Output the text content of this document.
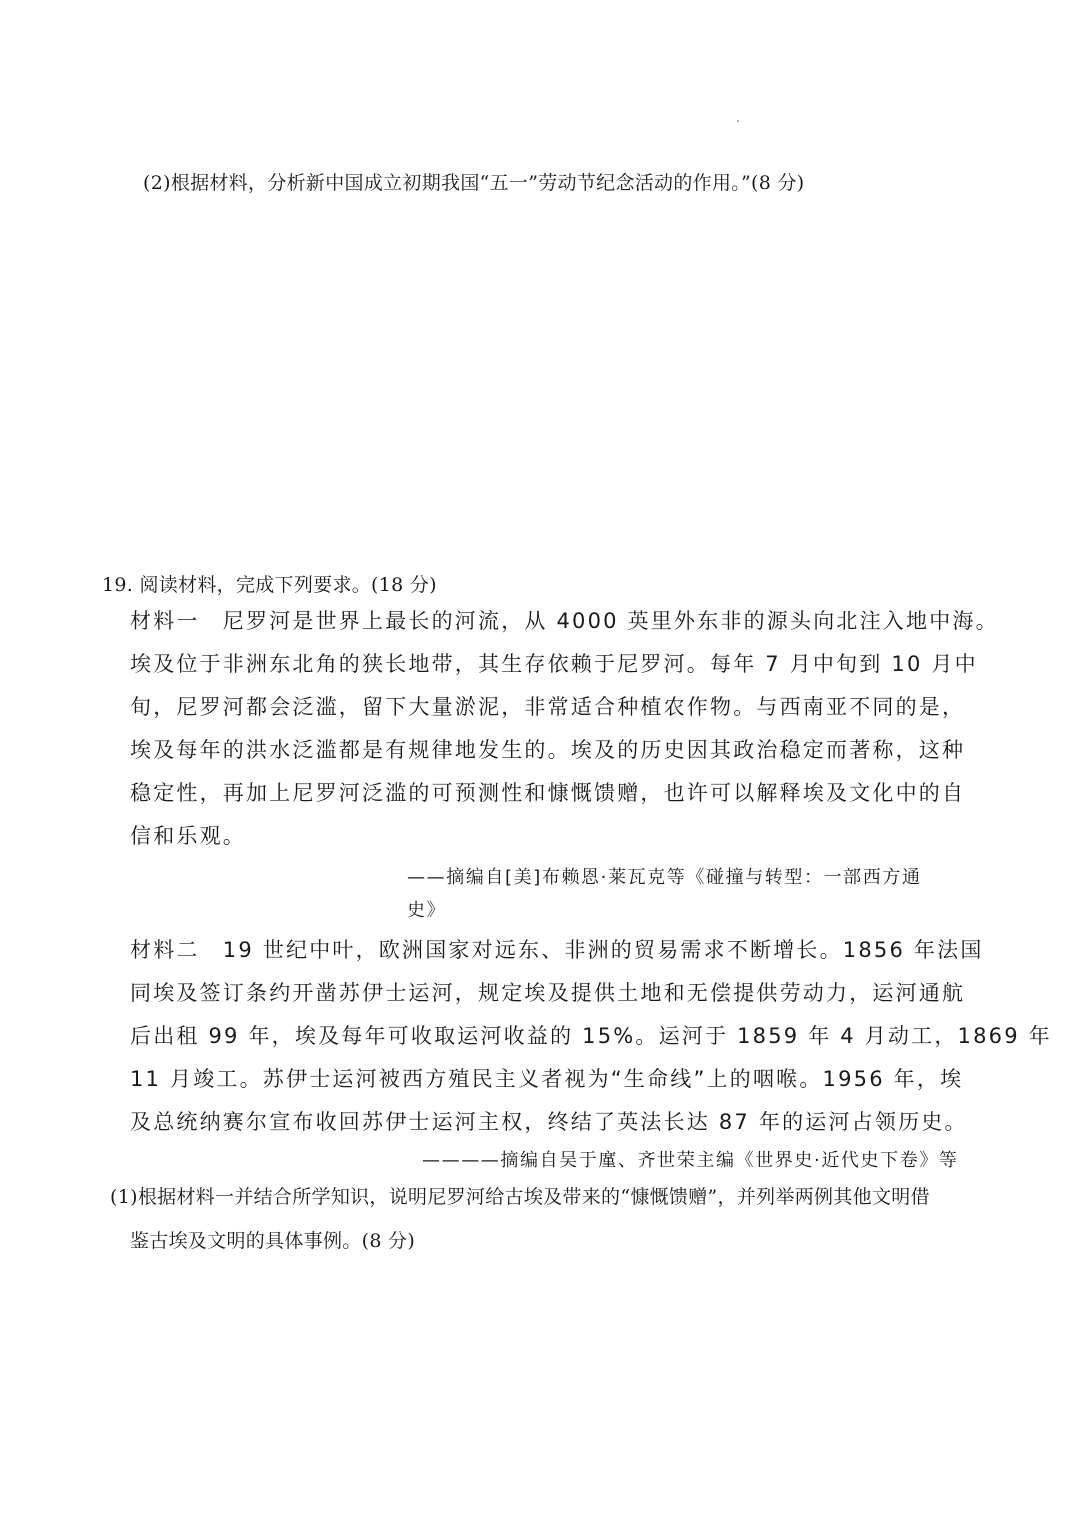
(2)根据材料，分析新中国成立初期我国“五一”劳动节纪念活动的作用。”(8 分)
19. 阅读材料，完成下列要求。(18 分)
材料一　尼罗河是世界上最长的河流，从 4000 英里外东非的源头向北注入地中海。
埃及位于非洲东北角的狭长地带，其生存依赖于尼罗河。每年 7 月中旬到 10 月中
旬，尼罗河都会泛滥，留下大量淤泥，非常适合种植农作物。与西南亚不同的是，
埃及每年的洪水泛滥都是有规律地发生的。埃及的历史因其政治稳定而著称，这种
稳定性，再加上尼罗河泛滥的可预测性和慷慨馈赠，也许可以解释埃及文化中的自
信和乐观。
——摘编自[美]布赖恩·莱瓦克等《碰撞与转型：一部西方通
史》
材料二　19 世纪中叶，欧洲国家对远东、非洲的贸易需求不断增长。1856 年法国
同埃及签订条约开凿苏伊士运河，规定埃及提供土地和无偿提供劳动力，运河通航
后出租 99 年，埃及每年可收取运河收益的 15%。运河于 1859 年 4 月动工，1869 年
11 月竣工。苏伊士运河被西方殖民主义者视为“生命线”上的咽喉。1956 年，埃
及总统纳赛尔宣布收回苏伊士运河主权，终结了英法长达 87 年的运河占领历史。
————摘编自吴于廑、齐世荣主编《世界史·近代史下卷》等
(1)根据材料一并结合所学知识，说明尼罗河给古埃及带来的“慷慨馈赠”，并列举两例其他文明借
鉴古埃及文明的具体事例。(8 分)
